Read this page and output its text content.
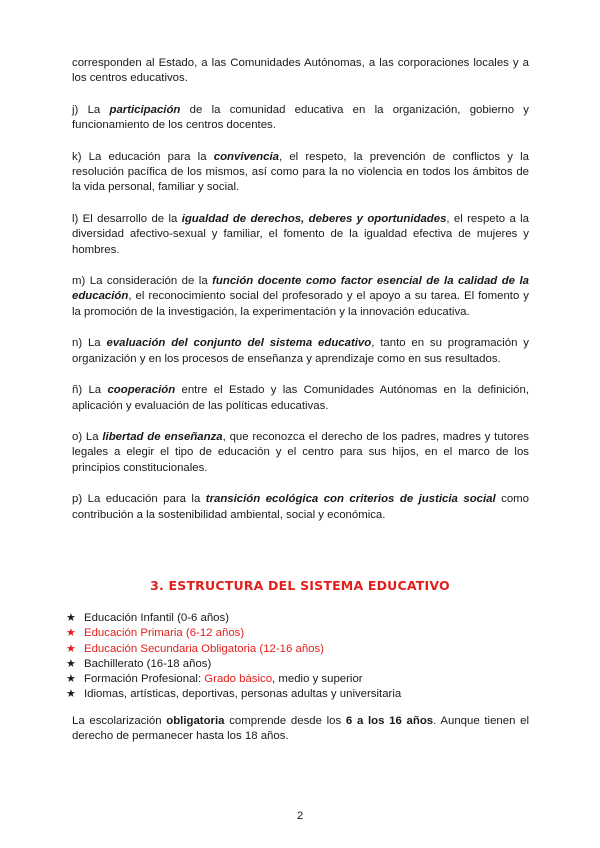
corresponden al Estado, a las Comunidades Autónomas, a las corporaciones locales y a los centros educativos.

j) La participación de la comunidad educativa en la organización, gobierno y funcionamiento de los centros docentes.

k) La educación para la convivencia, el respeto, la prevención de conflictos y la resolución pacífica de los mismos, así como para la no violencia en todos los ámbitos de la vida personal, familiar y social.

l) El desarrollo de la igualdad de derechos, deberes y oportunidades, el respeto a la diversidad afectivo-sexual y familiar, el fomento de la igualdad efectiva de mujeres y hombres.

m) La consideración de la función docente como factor esencial de la calidad de la educación, el reconocimiento social del profesorado y el apoyo a su tarea. El fomento y la promoción de la investigación, la experimentación y la innovación educativa.

n) La evaluación del conjunto del sistema educativo, tanto en su programación y organización y en los procesos de enseñanza y aprendizaje como en sus resultados.

ñ) La cooperación entre el Estado y las Comunidades Autónomas en la definición, aplicación y evaluación de las políticas educativas.

o) La libertad de enseñanza, que reconozca el derecho de los padres, madres y tutores legales a elegir el tipo de educación y el centro para sus hijos, en el marco de los principios constitucionales.

p) La educación para la transición ecológica con criterios de justicia social como contribución a la sostenibilidad ambiental, social y económica.

3. ESTRUCTURA DEL SISTEMA EDUCATIVO
★ Educación Infantil (0-6 años)
★ Educación Primaria (6-12 años)
★ Educación Secundaria Obligatoria (12-16 años)
★ Bachillerato (16-18 años)
★ Formación Profesional: Grado básico, medio y superior
★ Idiomas, artísticas, deportivas, personas adultas y universitaria

La escolarización obligatoria comprende desde los 6 a los 16 años. Aunque tienen el derecho de permanecer hasta los 18 años.

2
